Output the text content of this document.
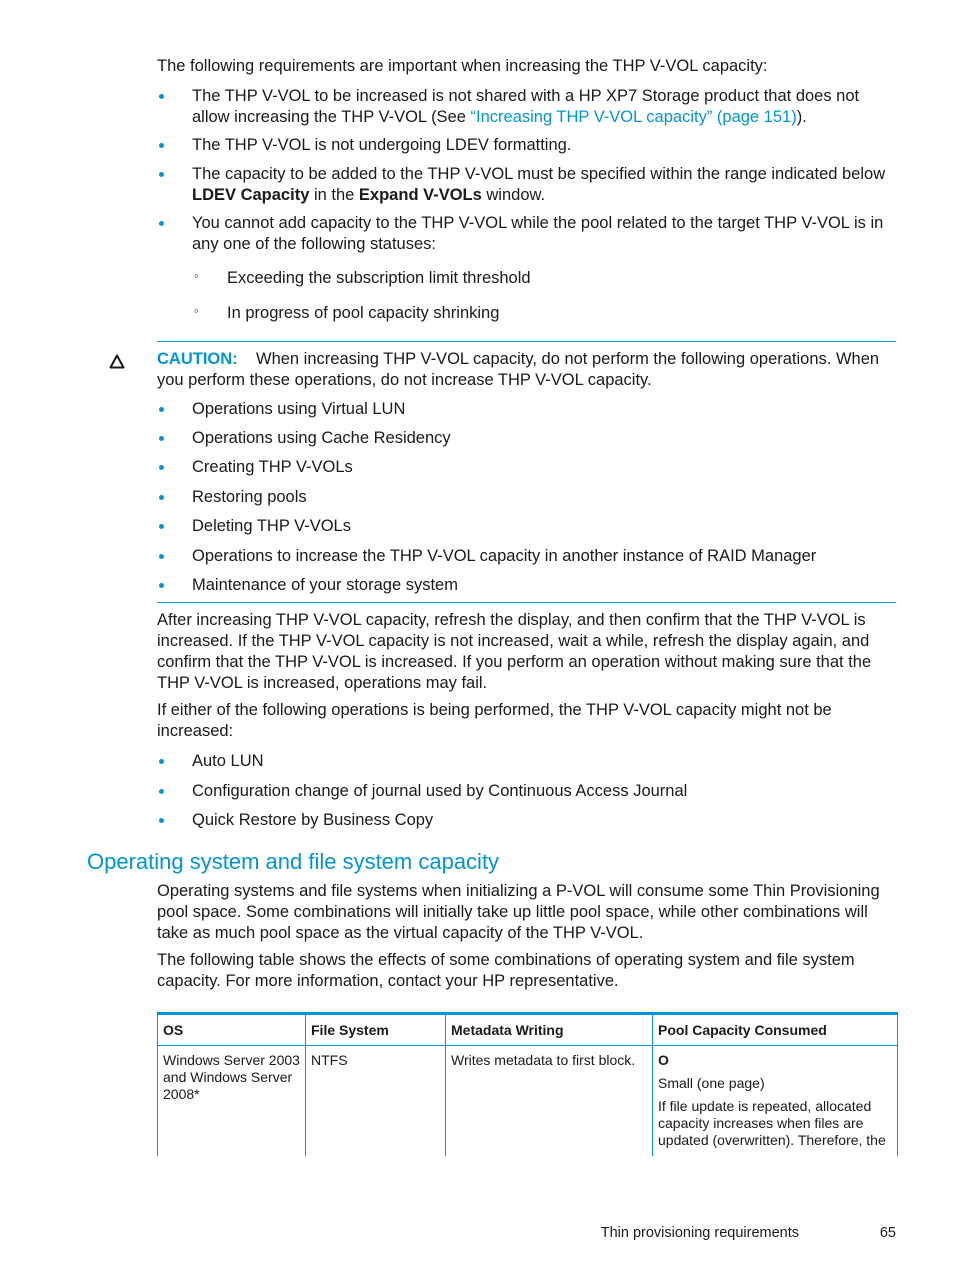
The following requirements are important when increasing the THP V-VOL capacity:

The THP V-VOL to be increased is not shared with a HP XP7 Storage product that does not allow increasing the THP V-VOL (See “Increasing THP V-VOL capacity” (page 151)).
The THP V-VOL is not undergoing LDEV formatting.
The capacity to be added to the THP V-VOL must be specified within the range indicated below LDEV Capacity in the Expand V-VOLs window.
You cannot add capacity to the THP V-VOL while the pool related to the target THP V-VOL is in any one of the following statuses:
◦ Exceeding the subscription limit threshold
◦ In progress of pool capacity shrinking

CAUTION: When increasing THP V-VOL capacity, do not perform the following operations. When you perform these operations, do not increase THP V-VOL capacity.

Operations using Virtual LUN
Operations using Cache Residency
Creating THP V-VOLs
Restoring pools
Deleting THP V-VOLs
Operations to increase the THP V-VOL capacity in another instance of RAID Manager
Maintenance of your storage system

After increasing THP V-VOL capacity, refresh the display, and then confirm that the THP V-VOL is increased. If the THP V-VOL capacity is not increased, wait a while, refresh the display again, and confirm that the THP V-VOL is increased. If you perform an operation without making sure that the THP V-VOL is increased, operations may fail.

If either of the following operations is being performed, the THP V-VOL capacity might not be increased:

Auto LUN
Configuration change of journal used by Continuous Access Journal
Quick Restore by Business Copy
Operating system and file system capacity

Operating systems and file systems when initializing a P-VOL will consume some Thin Provisioning pool space. Some combinations will initially take up little pool space, while other combinations will take as much pool space as the virtual capacity of the THP V-VOL.

The following table shows the effects of some combinations of operating system and file system capacity. For more information, contact your HP representative.

OS	File System	Metadata Writing	Pool Capacity Consumed
Windows Server 2003 and Windows Server 2008*	NTFS	Writes metadata to first block.	O
Small (one page)
If file update is repeated, allocated capacity increases when files are updated (overwritten). Therefore, the
Thin provisioning requirements	65
